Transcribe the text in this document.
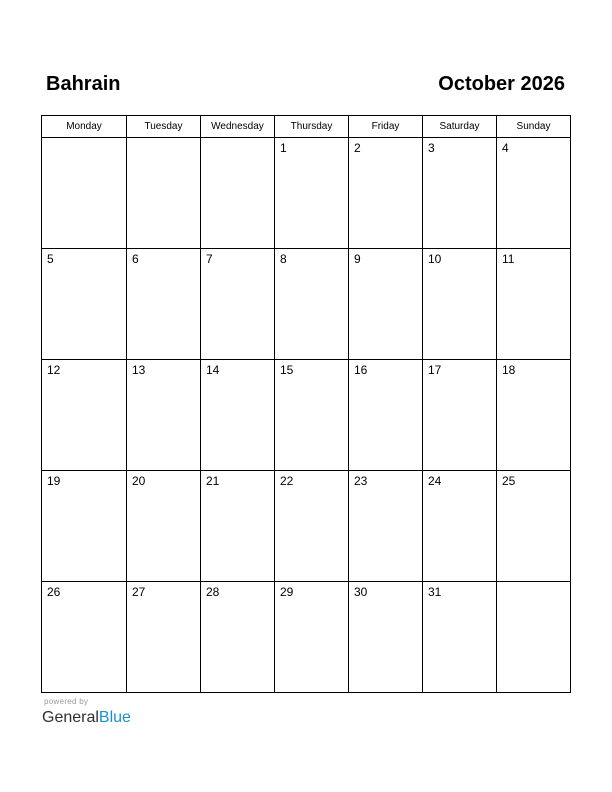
Bahrain	October 2026
Monday	Tuesday	Wednesday	Thursday	Friday	Saturday	Sunday

			1	2	3	4

5	6	7	8	9	10	11

12	13	14	15	16	17	18

19	20	21	22	23	24	25

26	27	28	29	30	31	

powered by
GeneralBlue
